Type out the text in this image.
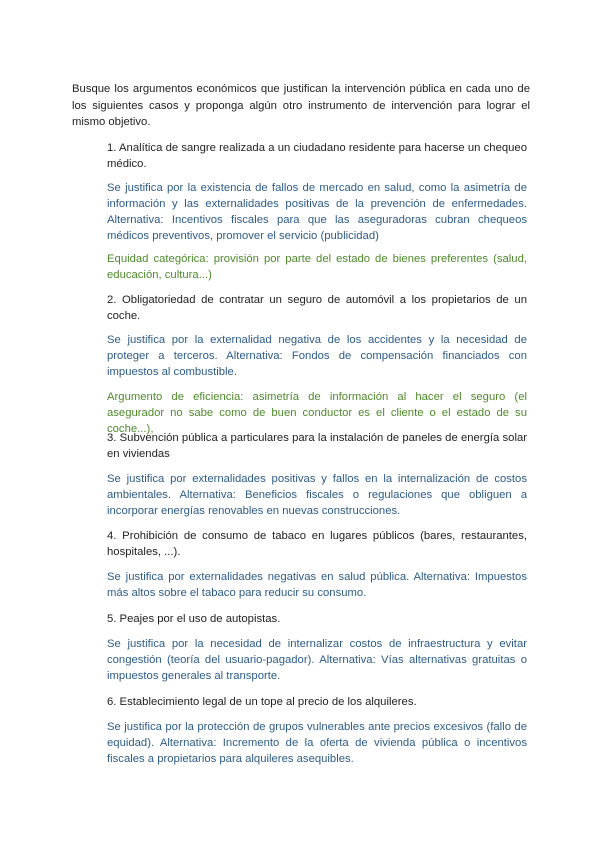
Busque los argumentos económicos que justifican la intervención pública en cada uno de los siguientes casos y proponga algún otro instrumento de intervención para lograr el mismo objetivo.

1. Analítica de sangre realizada a un ciudadano residente para hacerse un chequeo médico.

Se justifica por la existencia de fallos de mercado en salud, como la asimetría de información y las externalidades positivas de la prevención de enfermedades. Alternativa: Incentivos fiscales para que las aseguradoras cubran chequeos médicos preventivos, promover el servicio (publicidad)

Equidad categórica: provisión por parte del estado de bienes preferentes (salud, educación, cultura...)

2. Obligatoriedad de contratar un seguro de automóvil a los propietarios de un coche.

Se justifica por la externalidad negativa de los accidentes y la necesidad de proteger a terceros. Alternativa: Fondos de compensación financiados con impuestos al combustible.

Argumento de eficiencia: asimetría de información al hacer el seguro (el asegurador no sabe como de buen conductor es el cliente o el estado de su coche...),

3. Subvención pública a particulares para la instalación de paneles de energía solar en viviendas

Se justifica por externalidades positivas y fallos en la internalización de costos ambientales. Alternativa: Beneficios fiscales o regulaciones que obliguen a incorporar energías renovables en nuevas construcciones.

4. Prohibición de consumo de tabaco en lugares públicos (bares, restaurantes, hospitales, ...).

Se justifica por externalidades negativas en salud pública. Alternativa: Impuestos más altos sobre el tabaco para reducir su consumo.

5. Peajes por el uso de autopistas.

Se justifica por la necesidad de internalizar costos de infraestructura y evitar congestión (teoría del usuario-pagador). Alternativa: Vías alternativas gratuitas o impuestos generales al transporte.

6. Establecimiento legal de un tope al precio de los alquileres.

Se justifica por la protección de grupos vulnerables ante precios excesivos (fallo de equidad). Alternativa: Incremento de la oferta de vivienda pública o incentivos fiscales a propietarios para alquileres asequibles.
